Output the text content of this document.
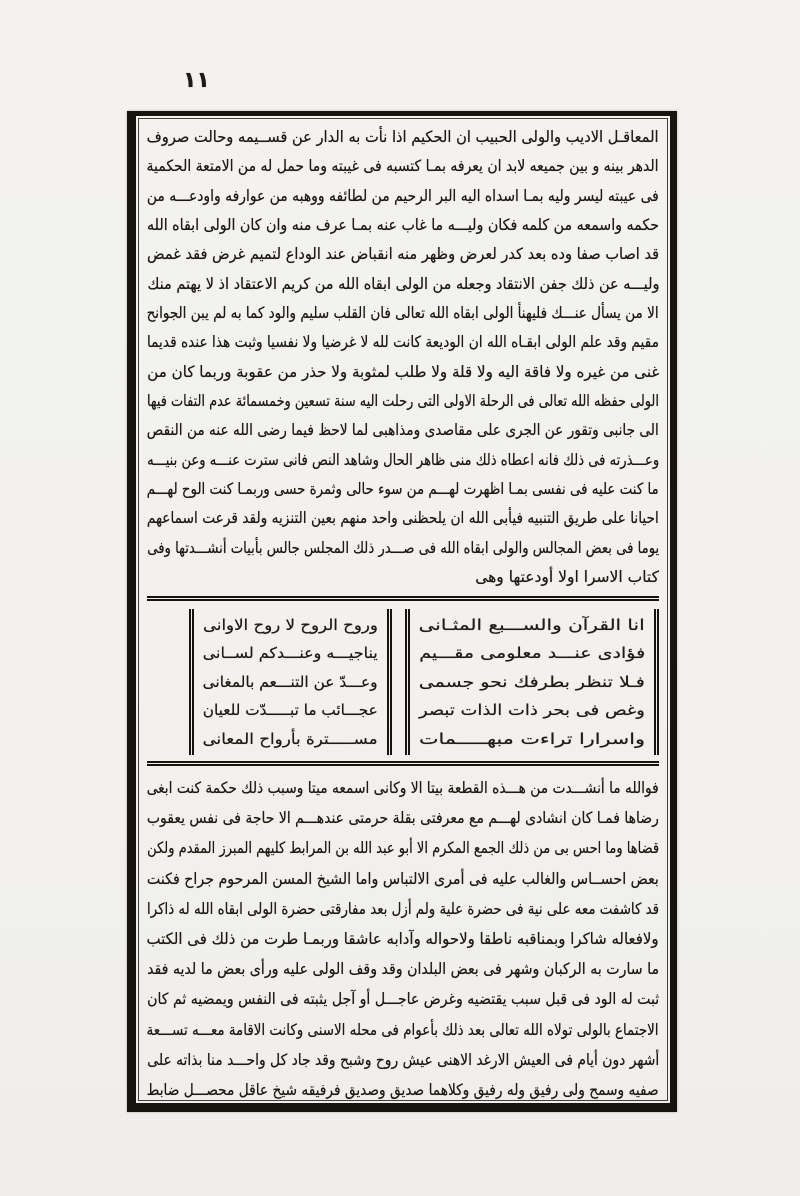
١١
المعاقـل الاديب والولى الحبيب ان الحكيم اذا نأت به الدار عن قســيمه وحالت صروف
الدهر بينه و بين جميعه لابد ان يعرفه بمـا كتسبه فى غيبته وما حمل له من الامتعة الحكمية
فى عيبته ليسر وليه بمـا اسداه اليه البر الرحيم من لطائفه ووهبه من عوارفه واودعـــه من
حكمه واسمعه من كلمه فكان وليـــه ما غاب عنه بمـا عرف منه وان كان الولى ابقاه الله
قد اصاب صفا وده بعد كدر لعرض وظهر منه انقباض عند الوداع لتميم غرض فقد غمض
وليـــه عن ذلك جفن الانتقاد وجعله من الولى ابقاه الله من كريم الاعتقاد اذ لا يهتم منك
الا من يسأل عنـــك فليهنأ الولى ابقاه الله تعالى فان القلب سليم والود كما به لم يبن الجوانح
مقيم وقد علم الولى ابقـاه الله ان الوديعة كانت لله لا غرضيا ولا نفسيا وثبت هذا عنده قديما
غنى من غيره ولا فاقة اليه ولا قلة ولا طلب لمثوبة ولا حذر من عقوبة وربما كان من
الولى حفظه الله تعالى فى الرحلة الاولى التى رحلت اليه سنة تسعين وخمسمائة عدم التفات فيها
الى جانبى وتقور عن الجرى على مقاصدى ومذاهبى لما لاحظ فيما رضى الله عنه من النقص
وعـــذرته فى ذلك فانه اعطاه ذلك منى ظاهر الحال وشاهد النص فانى سترت عنـــه وعن بنيـــه
ما كنت عليه فى نفسى بمـا اظهرت لهـــم من سوء حالى وثمرة حسى وربمـا كنت الوح لهـــم
احيانا على طريق التنبيه فيأبى الله ان يلحظنى واحد منهم بعين التنزيه ولقد قرعت اسماعهم
يوما فى بعض المجالس والولى ابقاه الله فى صـــدر ذلك المجلس جالس بأبيات أنشـــدتها وفى
كتاب الاسرا اولا أودعتها وهى
انا القرآن والســـبع المثـانى
فؤادى عنـــد معلومى مقـــيم
فـلا تنظر بطرفك نحو جسمى
وغص فى بحر ذات الذات تبصر
واسرارا تراءت مبهـــــمات
وروح الروح لا روح الاوانى
يناجيـــه وعنـــدكم لســانى
وعـــدّ عن التنـــعم بالمغانى
عجـــائب ما تبـــــدّت للعيان
مســـــترة بأرواح المعانى
فوالله ما أنشـــدت من هـــذه القطعة بيتا الا وكانى اسمعه ميتا وسبب ذلك حكمة كنت ابغى
رضاها فمـا كان انشادى لهـــم مع معرفتى بقلة حرمتى عندهـــم الا حاجة فى نفس يعقوب
قضاها وما احس بى من ذلك الجمع المكرم الا أبو عبد الله بن المرابط كليهم المبرز المقدم ولكن
بعض احســاس والغالب عليه فى أمرى الالتباس واما الشيخ المسن المرحوم جراح فكنت
قد كاشفت معه على نية فى حضرة علية ولم أزل بعد مفارقتى حضرة الولى ابقاه الله له ذاكرا
ولافعاله شاكرا وبمناقبه ناطقا ولاحواله وآدابه عاشقا وربمـا طرت من ذلك فى الكتب
ما سارت به الركبان وشهر فى بعض البلدان وقد وقف الولى عليه ورأى بعض ما لديه فقد
ثبت له الود فى قبل سبب يقتضيه وغرض عاجـــل أو آجل يثبته فى النفس ويمضيه ثم كان
الاجتماع بالولى تولاه الله تعالى بعد ذلك بأعوام فى محله الاسنى وكانت الاقامة معـــه تســـعة
أشهر دون أيام فى العيش الارغد الاهنى عيش روح وشبح وقد جاد كل واحـــد منا بذاته على
صفيه وسمح ولى رفيق وله رفيق وكلاهما صديق وصديق فرفيقه شيخ عاقل محصـــل ضابط
